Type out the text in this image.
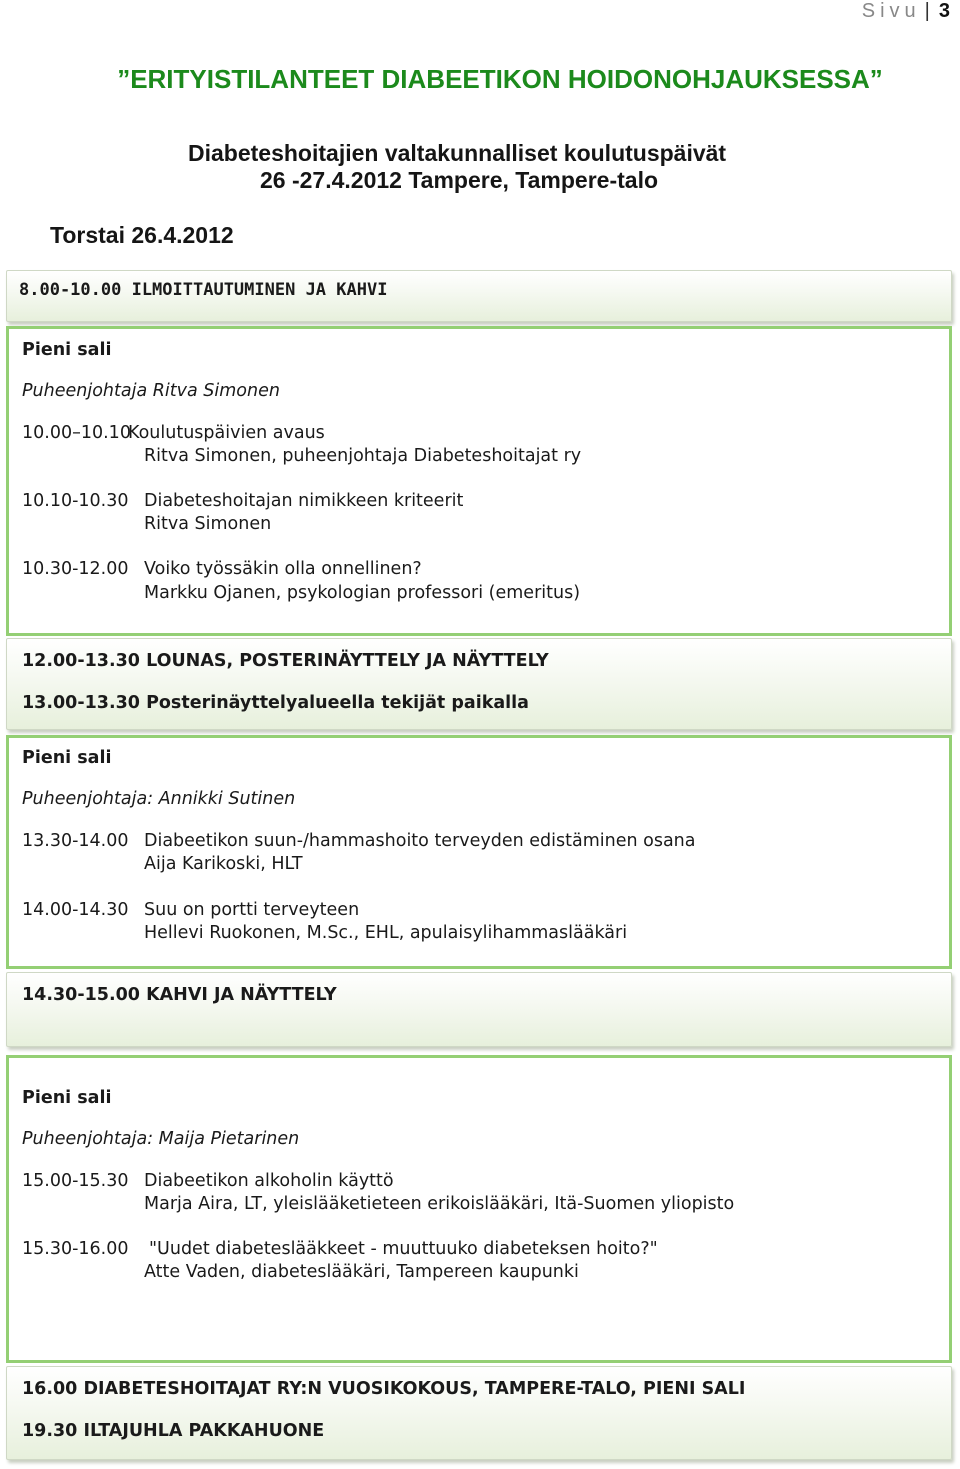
Sivu | 3
”ERITYISTILANTEET DIABEETIKON HOIDONOHJAUKSESSA”
Diabeteshoitajien valtakunnalliset koulutuspäivät
26 -27.4.2012 Tampere, Tampere-talo
Torstai 26.4.2012
8.00-10.00 ILMOITTAUTUMINEN JA KAHVI
Pieni sali
Puheenjohtaja Ritva Simonen
10.00–10.10
Koulutuspäivien avaus
Ritva Simonen, puheenjohtaja Diabeteshoitajat ry
10.10-10.30 Diabeteshoitajan nimikkeen kriteerit
Ritva Simonen
10.30-12.00 Voiko työssäkin olla onnellinen?
Markku Ojanen, psykologian professori (emeritus)
12.00-13.30 LOUNAS, POSTERINÄYTTELY JA NÄYTTELY
13.00-13.30 Posterinäyttelyalueella tekijät paikalla
Pieni sali
Puheenjohtaja: Annikki Sutinen
13.30-14.00 Diabeetikon suun-/hammashoito terveyden edistäminen osana
Aija Karikoski, HLT
14.00-14.30 Suu on portti terveyteen
Hellevi Ruokonen, M.Sc., EHL, apulaisylihammaslääkäri
14.30-15.00 KAHVI JA NÄYTTELY
Pieni sali
Puheenjohtaja: Maija Pietarinen
15.00-15.30 Diabeetikon alkoholin käyttö
Marja Aira, LT, yleislääketieteen erikoislääkäri, Itä-Suomen yliopisto
15.30-16.00 "Uudet diabeteslääkkeet - muuttuuko diabeteksen hoito?"
Atte Vaden, diabeteslääkäri, Tampereen kaupunki
16.00 DIABETESHOITAJAT RY:N VUOSIKOKOUS, TAMPERE-TALO, PIENI SALI
19.30 ILTAJUHLA PAKKAHUONE
